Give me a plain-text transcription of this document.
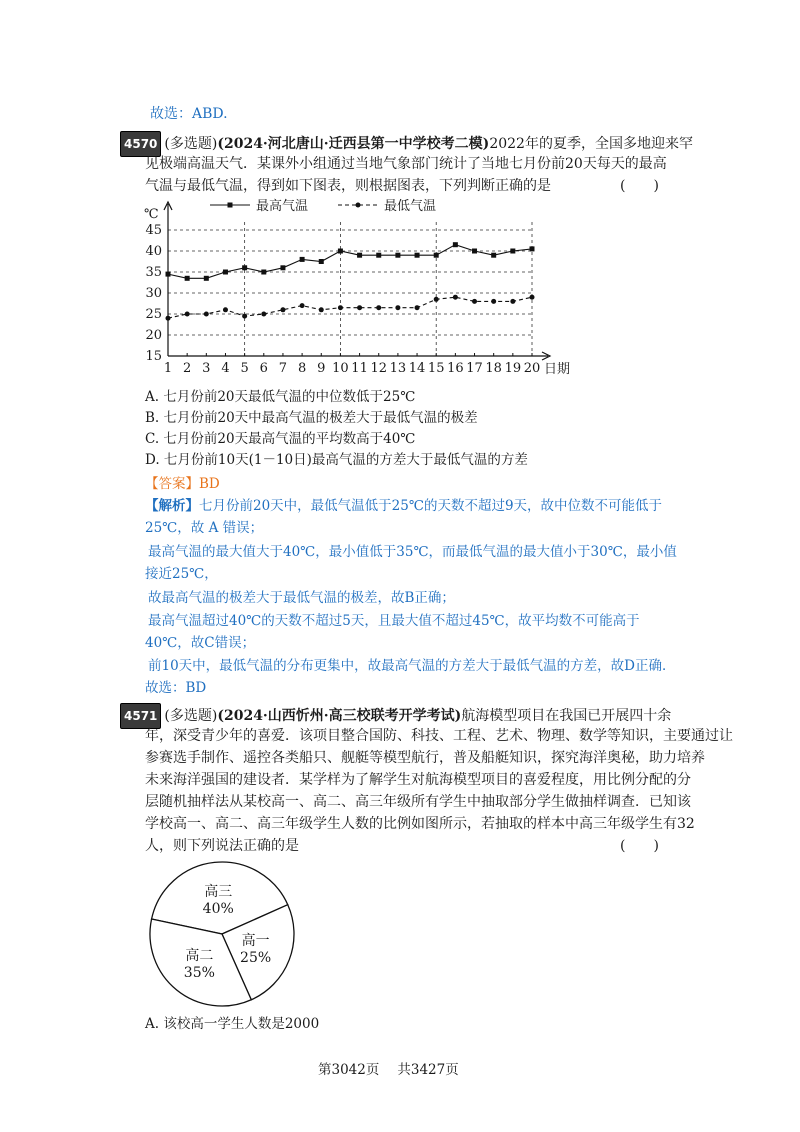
故选：ABD.
4570 (多选题)(2024·河北唐山·迁西县第一中学校考二模)2022年的夏季，全国多地迎来罕
见极端高温天气．某课外小组通过当地气象部门统计了当地七月份前20天每天的最高
气温与最低气温，得到如下图表，则根据图表，下列判断正确的是	(　　)
15
20
25
30
35
40
45
℃
日期
1 2 3 4 5 6 7 8 9 10 11 12 13 14 15 16 17 18 19 20
最高气温	最低气温
A. 七月份前20天最低气温的中位数低于25℃
B. 七月份前20天中最高气温的极差大于最低气温的极差
C. 七月份前20天最高气温的平均数高于40℃
D. 七月份前10天(1－10日)最高气温的方差大于最低气温的方差
【答案】BD
【解析】七月份前20天中，最低气温低于25℃的天数不超过9天，故中位数不可能低于
25℃，故 A 错误；
最高气温的最大值大于40℃，最小值低于35℃，而最低气温的最大值小于30℃，最小值
接近25℃，
故最高气温的极差大于最低气温的极差，故B正确；
最高气温超过40℃的天数不超过5天，且最大值不超过45℃，故平均数不可能高于
40℃，故C错误；
前10天中，最低气温的分布更集中，故最高气温的方差大于最低气温的方差，故D正确．
故选：BD
4571 (多选题)(2024·山西忻州·高三校联考开学考试)航海模型项目在我国已开展四十余
年，深受青少年的喜爱．该项目整合国防、科技、工程、艺术、物理、数学等知识，主要通过让
参赛选手制作、遥控各类船只、舰艇等模型航行，普及船艇知识，探究海洋奥秘，助力培养
未来海洋强国的建设者．某学样为了解学生对航海模型项目的喜爱程度，用比例分配的分
层随机抽样法从某校高一、高二、高三年级所有学生中抽取部分学生做抽样调查．已知该
学校高一、高二、高三年级学生人数的比例如图所示，若抽取的样本中高三年级学生有32
人，则下列说法正确的是	(　　)
高三
40%
高一
25%
高二
35%
A. 该校高一学生人数是2000
第3042页 共3427页
